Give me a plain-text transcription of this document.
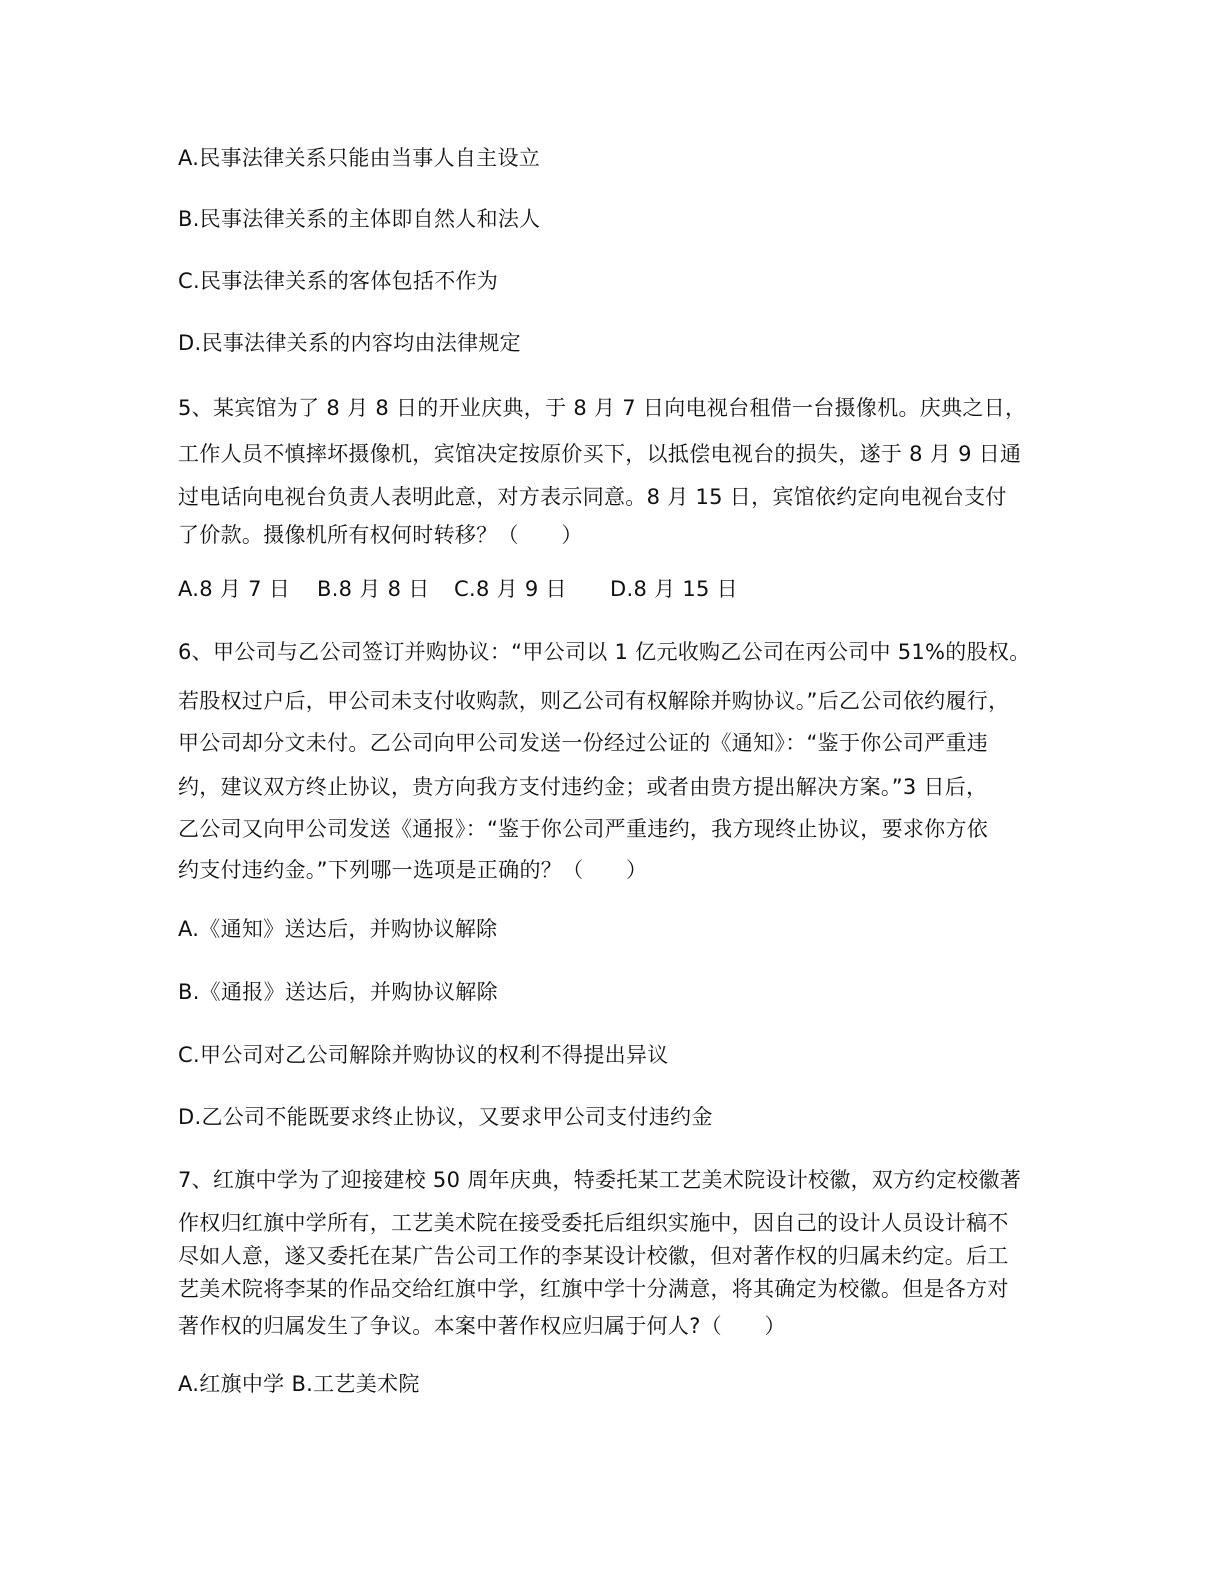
A.民事法律关系只能由当事人自主设立
B.民事法律关系的主体即自然人和法人
C.民事法律关系的客体包括不作为
D.民事法律关系的内容均由法律规定
5、某宾馆为了 8 月 8 日的开业庆典，于 8 月 7 日向电视台租借一台摄像机。庆典之日，
工作人员不慎摔坏摄像机，宾馆决定按原价买下，以抵偿电视台的损失，遂于 8 月 9 日通
过电话向电视台负责人表明此意，对方表示同意。8 月 15 日，宾馆依约定向电视台支付
了价款。摄像机所有权何时转移？（　　）
A.8 月 7 日 B.8 月 8 日 C.8 月 9 日 D.8 月 15 日
6、甲公司与乙公司签订并购协议：“甲公司以 1 亿元收购乙公司在丙公司中 51%的股权。
若股权过户后，甲公司未支付收购款，则乙公司有权解除并购协议。”后乙公司依约履行，
甲公司却分文未付。乙公司向甲公司发送一份经过公证的《通知》：“鉴于你公司严重违
约，建议双方终止协议，贵方向我方支付违约金；或者由贵方提出解决方案。”3 日后，
乙公司又向甲公司发送《通报》：“鉴于你公司严重违约，我方现终止协议，要求你方依
约支付违约金。”下列哪一选项是正确的？（　　）
A.《通知》送达后，并购协议解除
B.《通报》送达后，并购协议解除
C.甲公司对乙公司解除并购协议的权利不得提出异议
D.乙公司不能既要求终止协议，又要求甲公司支付违约金
7、红旗中学为了迎接建校 50 周年庆典，特委托某工艺美术院设计校徽，双方约定校徽著
作权归红旗中学所有，工艺美术院在接受委托后组织实施中，因自己的设计人员设计稿不
尽如人意，遂又委托在某广告公司工作的李某设计校徽，但对著作权的归属未约定。后工
艺美术院将李某的作品交给红旗中学，红旗中学十分满意，将其确定为校徽。但是各方对
著作权的归属发生了争议。本案中著作权应归属于何人?（　　）
A.红旗中学 B.工艺美术院
